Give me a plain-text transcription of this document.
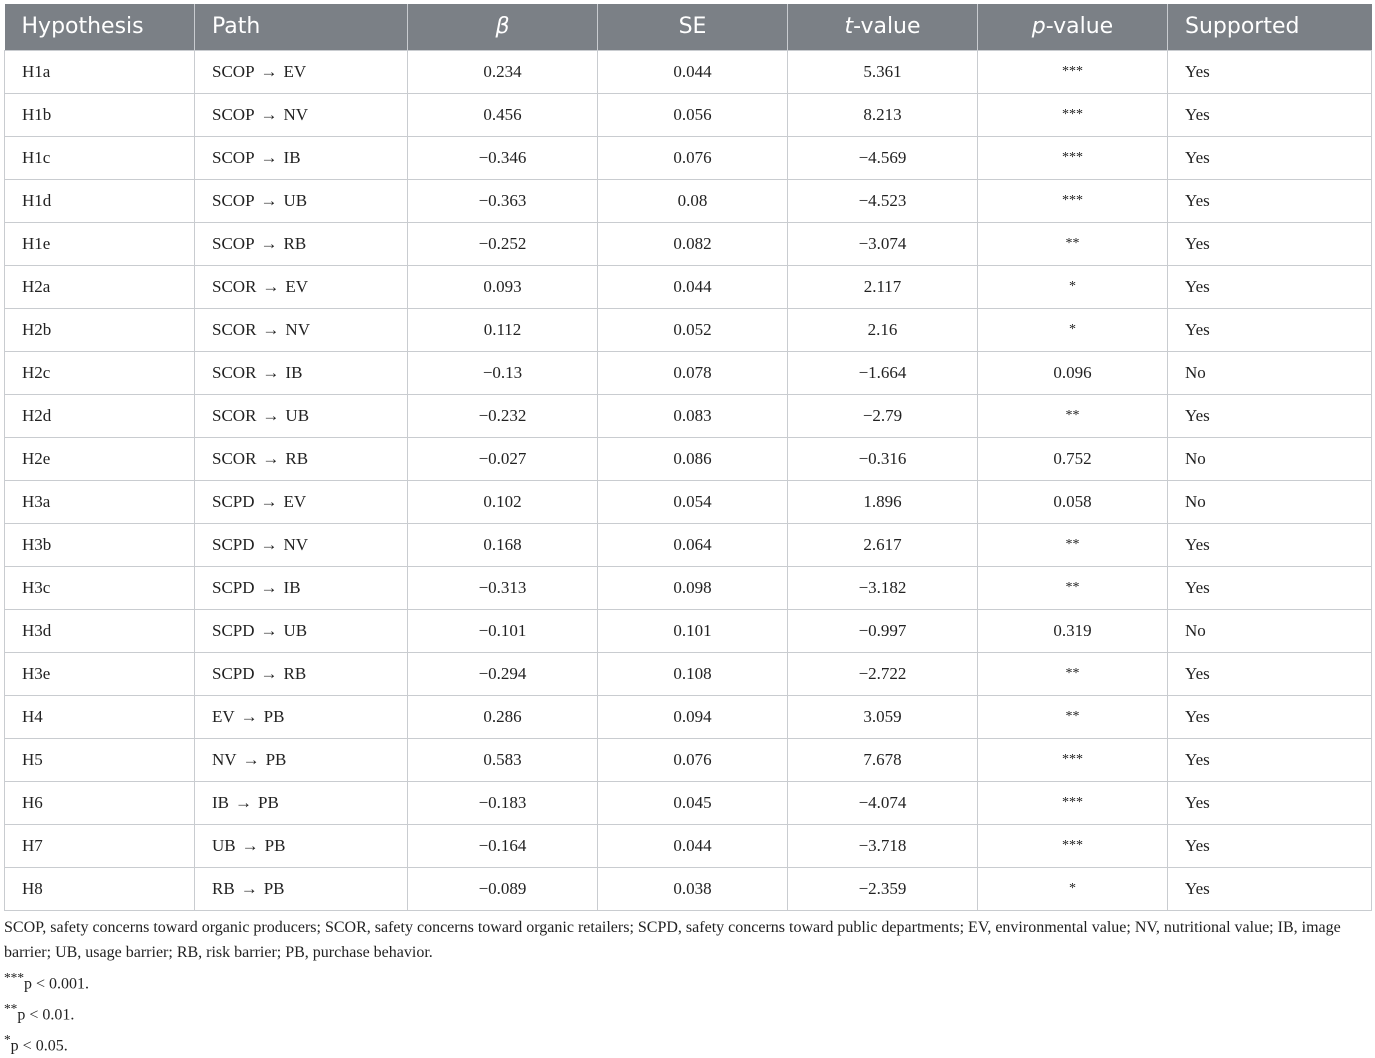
Hypothesis	Path	β	SE	t-value	p-value	Supported
H1a	SCOP → EV	0.234	0.044	5.361	***	Yes
H1b	SCOP → NV	0.456	0.056	8.213	***	Yes
H1c	SCOP → IB	−0.346	0.076	−4.569	***	Yes
H1d	SCOP → UB	−0.363	0.08	−4.523	***	Yes
H1e	SCOP → RB	−0.252	0.082	−3.074	**	Yes
H2a	SCOR → EV	0.093	0.044	2.117	*	Yes
H2b	SCOR → NV	0.112	0.052	2.16	*	Yes
H2c	SCOR → IB	−0.13	0.078	−1.664	0.096	No
H2d	SCOR → UB	−0.232	0.083	−2.79	**	Yes
H2e	SCOR → RB	−0.027	0.086	−0.316	0.752	No
H3a	SCPD → EV	0.102	0.054	1.896	0.058	No
H3b	SCPD → NV	0.168	0.064	2.617	**	Yes
H3c	SCPD → IB	−0.313	0.098	−3.182	**	Yes
H3d	SCPD → UB	−0.101	0.101	−0.997	0.319	No
H3e	SCPD → RB	−0.294	0.108	−2.722	**	Yes
H4	EV → PB	0.286	0.094	3.059	**	Yes
H5	NV → PB	0.583	0.076	7.678	***	Yes
H6	IB → PB	−0.183	0.045	−4.074	***	Yes
H7	UB → PB	−0.164	0.044	−3.718	***	Yes
H8	RB → PB	−0.089	0.038	−2.359	*	Yes
SCOP, safety concerns toward organic producers; SCOR, safety concerns toward organic retailers; SCPD, safety concerns toward public departments; EV, environmental value; NV, nutritional value; IB, image barrier; UB, usage barrier; RB, risk barrier; PB, purchase behavior.
***p < 0.001.
**p < 0.01.
*p < 0.05.
